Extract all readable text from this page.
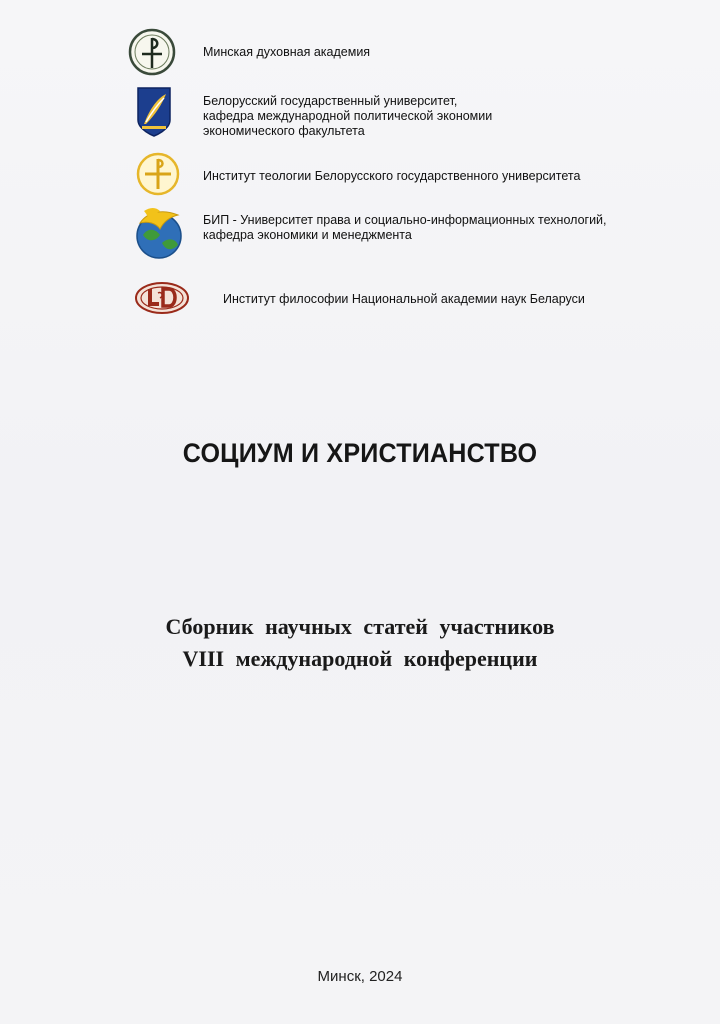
Минская духовная академия
Белорусский государственный университет,
кафедра международной политической экономии
экономического факультета
Институт теологии Белорусского государственного университета
БИП - Университет права и социально-информационных технологий,
кафедра экономики и менеджмента
Институт философии Национальной академии наук Беларуси
СОЦИУМ И ХРИСТИАНСТВО
Сборник научных статей участников
VIII международной конференции
Минск, 2024
